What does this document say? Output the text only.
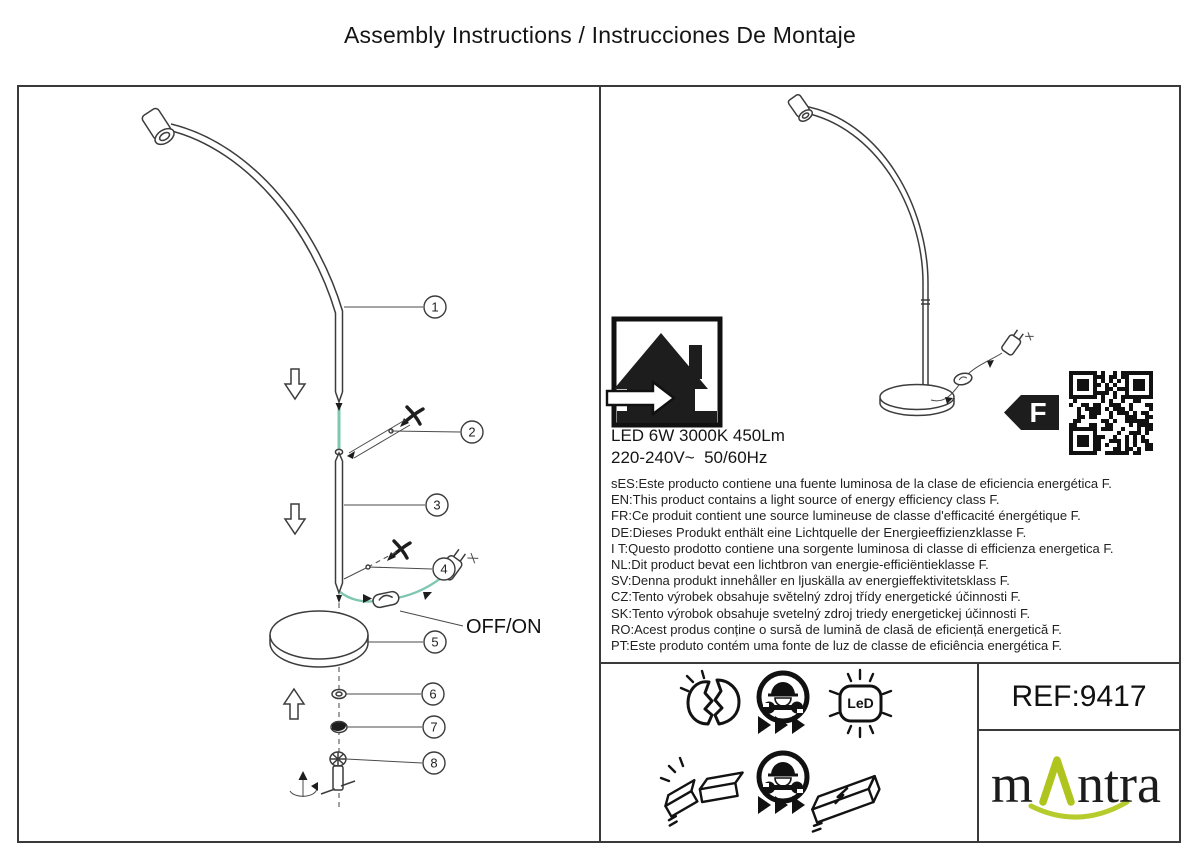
Assembly Instructions / Instrucciones De Montaje
OFF/ON
1
2
3
4
5
6
7
8
F
LED 6W 3000K 450Lm
220-240V~  50/60Hz
sES:Este producto contiene una fuente luminosa de la clase de eficiencia energética F.
EN:This product contains a light source of energy efficiency class F.
FR:Ce produit contient une source lumineuse de classe d'efficacité énergétique F.
DE:Dieses Produkt enthält eine Lichtquelle der Energieeffizienzklasse F.
I T:Questo prodotto contiene una sorgente luminosa di classe di efficienza energetica F.
NL:Dit product bevat een lichtbron van energie-efficiëntieklasse F.
SV:Denna produkt innehåller en ljuskälla av energieffektivitetsklass F.
CZ:Tento výrobek obsahuje světelný zdroj třídy energetické účinnosti F.
SK:Tento výrobok obsahuje svetelný zdroj triedy energetickej účinnosti F.
RO:Acest produs conține o sursă de lumină de clasă de eficiență energetică F.
PT:Este produto contém uma fonte de luz de classe de eficiência energética F.
LeD	REF:9417
m ntra
